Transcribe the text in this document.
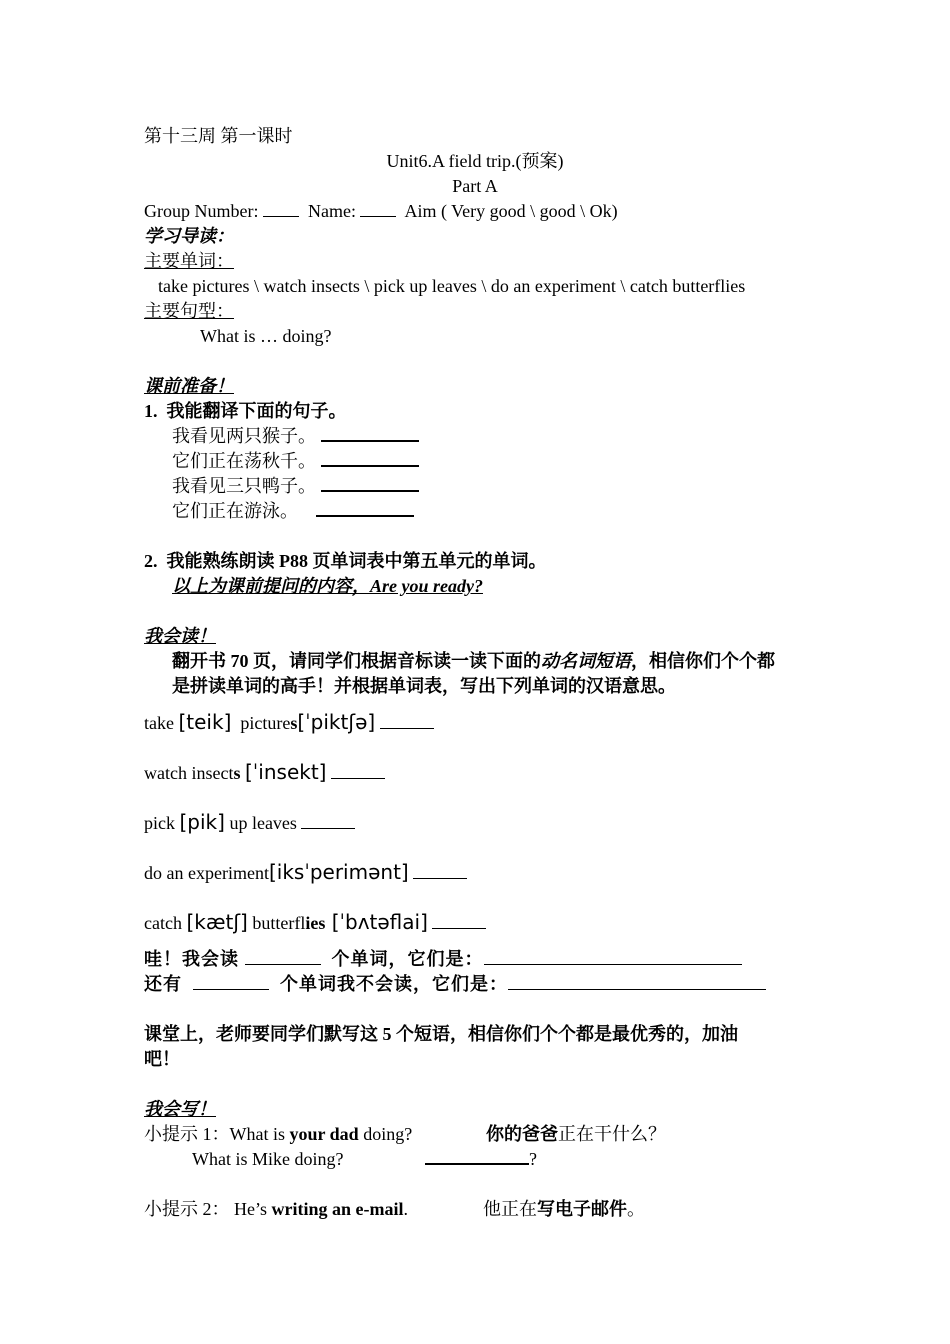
第十三周 第一课时
Unit6.A field trip.(预案)
Part A
Group Number:	Name:	Aim ( Very good \ good \ Ok)
学习导读：
主要单词：
take pictures \ watch insects \ pick up leaves \ do an experiment \ catch butterflies
主要句型：
What is … doing?
课前准备！
1. 我能翻译下面的句子。
我看见两只猴子。
它们正在荡秋千。
我看见三只鸭子。
它们正在游泳。
2. 我能熟练朗读 P88 页单词表中第五单元的单词。
以上为课前提问的内容，Are you ready?
我会读！
翻开书 70 页，请同学们根据音标读一读下面的动名词短语，相信你们个个都
是拼读单词的高手！并根据单词表，写出下列单词的汉语意思。
take [teik]  pictures[ˈpiktʃə]
watch insects [ˈinsekt]
pick [pik] up leaves
do an experiment[iksˈperimənt]
catch [kætʃ] butterflies [ˈbʌtəflai]
哇！我会读	个单词，它们是：
还有	个单词我不会读，它们是：
课堂上，老师要同学们默写这 5 个短语，相信你们个个都是最优秀的，加油
吧！
我会写！
小提示 1：What is your dad doing?	你的爸爸正在干什么？
What is Mike doing?	?
小提示 2： He’s writing an e-mail.	他正在写电子邮件。
